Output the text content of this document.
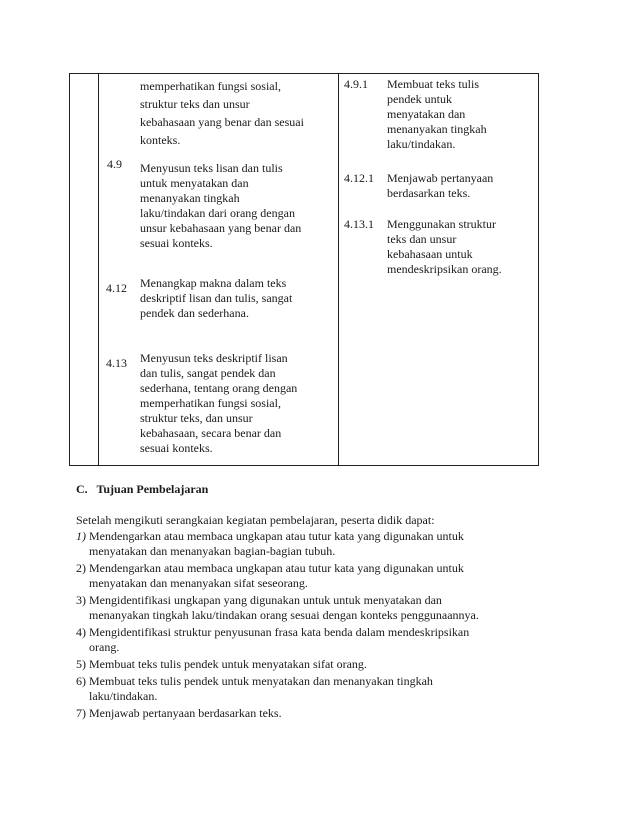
memperhatikan fungsi sosial,
struktur teks dan unsur
kebahasaan yang benar dan sesuai
konteks.
4.9 Menyusun teks lisan dan tulis
untuk menyatakan dan
menanyakan tingkah
laku/tindakan dari orang dengan
unsur kebahasaan yang benar dan
sesuai konteks.
4.12 Menangkap makna dalam teks
deskriptif lisan dan tulis, sangat
pendek dan sederhana.
4.13 Menyusun teks deskriptif lisan
dan tulis, sangat pendek dan
sederhana, tentang orang dengan
memperhatikan fungsi sosial,
struktur teks, dan unsur
kebahasaan, secara benar dan
sesuai konteks.
4.9.1 Membuat teks tulis
pendek untuk
menyatakan dan
menanyakan tingkah
laku/tindakan.
4.12.1 Menjawab pertanyaan
berdasarkan teks.
4.13.1 Menggunakan struktur
teks dan unsur
kebahasaan untuk
mendeskripsikan orang.
C.   Tujuan Pembelajaran
Setelah mengikuti serangkaian kegiatan pembelajaran, peserta didik dapat:
1) Mendengarkan atau membaca ungkapan atau tutur kata yang digunakan untuk
menyatakan dan menanyakan bagian-bagian tubuh.
2) Mendengarkan atau membaca ungkapan atau tutur kata yang digunakan untuk
menyatakan dan menanyakan sifat seseorang.
3) Mengidentifikasi ungkapan yang digunakan untuk untuk menyatakan dan
menanyakan tingkah laku/tindakan orang sesuai dengan konteks penggunaannya.
4) Mengidentifikasi struktur penyusunan frasa kata benda dalam mendeskripsikan
orang.
5) Membuat teks tulis pendek untuk menyatakan sifat orang.
6) Membuat teks tulis pendek untuk menyatakan dan menanyakan tingkah
laku/tindakan.
7) Menjawab pertanyaan berdasarkan teks.
